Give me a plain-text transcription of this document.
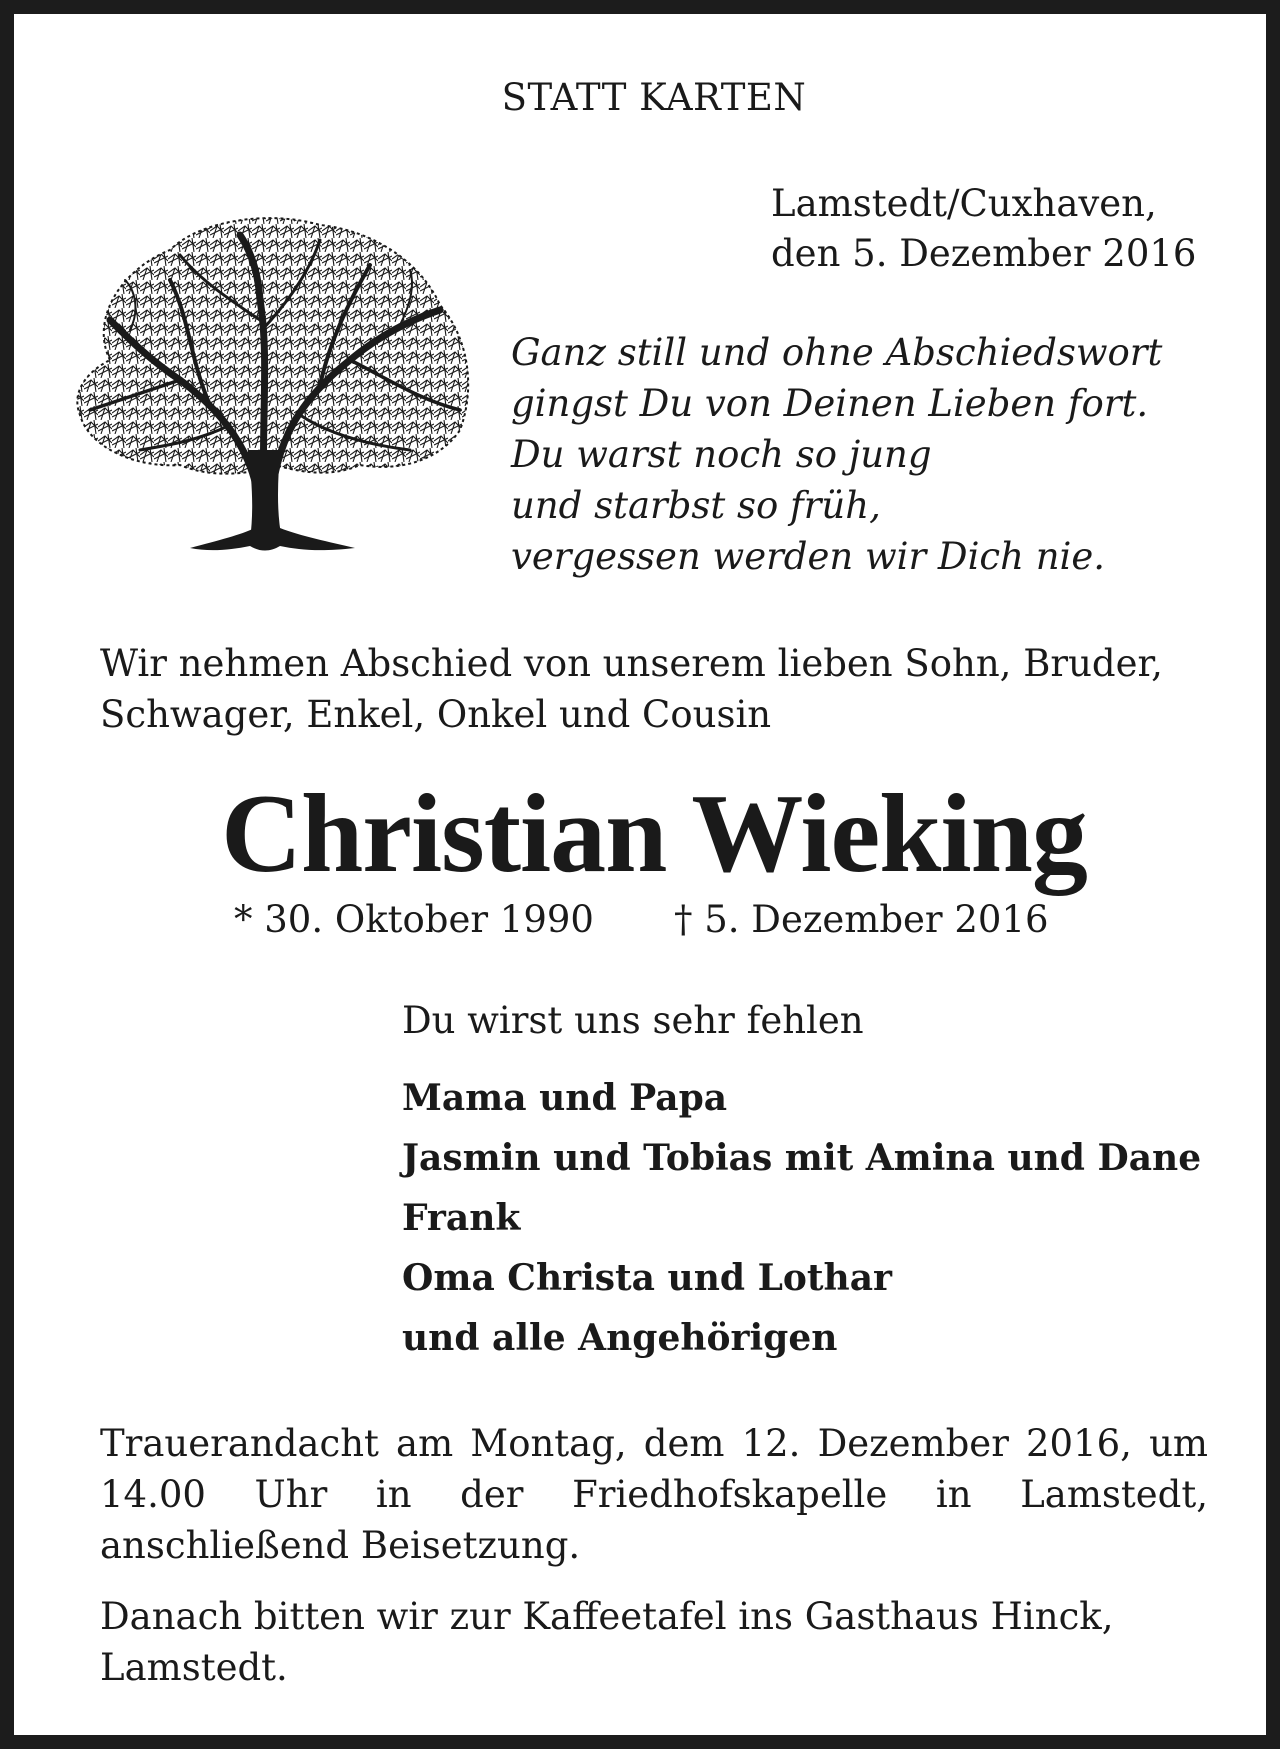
STATT KARTEN
Lamstedt/Cuxhaven,
den 5. Dezember 2016
Ganz still und ohne Abschiedswort
gingst Du von Deinen Lieben fort.
Du warst noch so jung
und starbst so früh,
vergessen werden wir Dich nie.
Wir nehmen Abschied von unserem lieben Sohn, Bruder,
Schwager, Enkel, Onkel und Cousin
Christian Wieking
* 30. Oktober 1990 † 5. Dezember 2016
Du wirst uns sehr fehlen
Mama und Papa
Jasmin und Tobias mit Amina und Dane
Frank
Oma Christa und Lothar
und alle Angehörigen
Trauerandacht am Montag, dem 12. Dezember 2016, um 14.00 Uhr in der Friedhofskapelle in Lamstedt, anschließend Beisetzung.
Danach bitten wir zur Kaffeetafel ins Gasthaus Hinck, Lamstedt.
